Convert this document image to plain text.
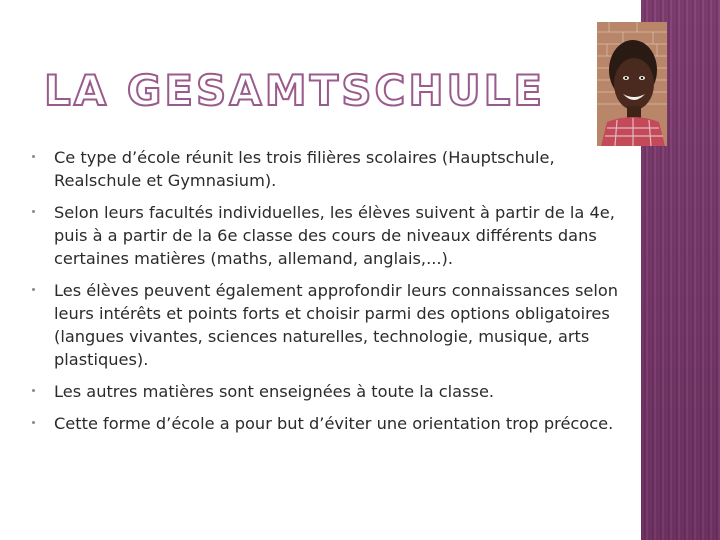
LA GESAMTSCHULE
Ce type d’école réunit les trois filières scolaires (Hauptschule, Realschule et Gymnasium).
Selon leurs facultés individuelles, les élèves suivent à partir de la 4e, puis à a partir de la 6e classe des cours de niveaux différents dans certaines matières (maths, allemand, anglais,...).
Les élèves peuvent également approfondir leurs connaissances selon leurs intérêts et points forts et choisir parmi des options obligatoires (langues vivantes, sciences naturelles, technologie, musique, arts plastiques).
Les autres matières sont enseignées à toute la classe.
Cette forme d’école a pour but d’éviter une orientation trop précoce.
